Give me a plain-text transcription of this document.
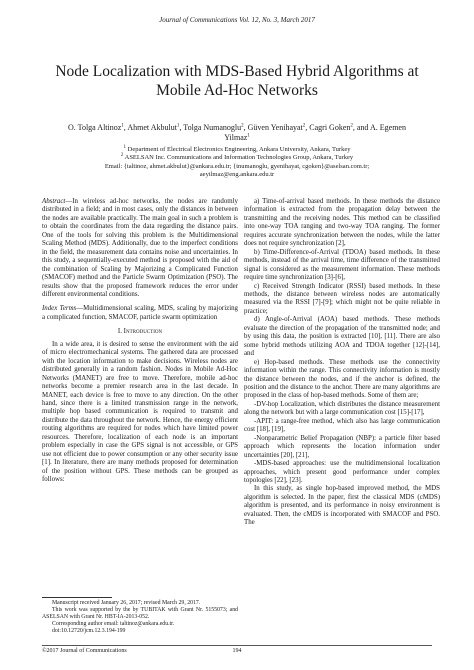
Journal of Communications Vol. 12, No. 3, March 2017
Node Localization with MDS-Based Hybrid Algorithms at Mobile Ad-Hoc Networks
O. Tolga Altinoz$^1$, Ahmet Akbulut$^1$, Tolga Numanoglu$^2$, Güven Yenihayat$^2$, Cagri Goken$^2$, and A. Egemen
Yilmaz$^1$
$^1$ Department of Electrical Electronics Engineering, Ankara University, Ankara, Turkey
$^2$ ASELSAN Inc. Communications and Information Technologies Group, Ankara, Turkey
Email: {taltinoz, ahmet.akbulut}@ankara.edu.tr; {tnumanoglu, gyenihayat, cgoken}@aselsan.com.tr;
aeyilmaz@eng.ankara.edu.tr

Abstract—In wireless ad-hoc networks, the nodes are randomly distributed in a field; and in most cases, only the distances in between the nodes are available practically. The main goal in such a problem is to obtain the coordinates from the data regarding the distance pairs. One of the tools for solving this problem is the Multidimensional Scaling Method (MDS). Additionally, due to the imperfect conditions in the field, the measurement data contains noise and uncertainties. In this study, a sequentially-executed method is proposed with the aid of the combination of Scaling by Majorizing a Complicated Function (SMACOF) method and the Particle Swarm Optimization (PSO). The results show that the proposed framework reduces the error under different environmental conditions.

Index Terms—Multidimensional scaling, MDS, scaling by majorizing a complicated function, SMACOF, particle swarm optimization

I. Introduction

In a wide area, it is desired to sense the environment with the aid of micro electromechanical systems. The gathered data are processed with the location information to make decisions. Wireless nodes are distributed generally in a random fashion. Nodes in Mobile Ad-Hoc Networks (MANET) are free to move. Therefore, mobile ad-hoc networks become a premier research area in the last decade. In MANET, each device is free to move to any direction. On the other hand, since there is a limited transmission range in the network, multiple hop based communication is required to transmit and distribute the data throughout the network. Hence, the energy efficient routing algorithms are required for nodes which have limited power resources. Therefore, localization of each node is an important problem especially in case the GPS signal is not accessible, or GPS use not efficient due to power consumption or any other security issue [1]. In literature, there are many methods proposed for determination of the position without GPS. These methods can be grouped as follows:

Manuscript received January 26, 2017; revised March 29, 2017.

This work was supported by the by TUBITAK with Grant Nr. 5155073; and ASELSAN with Grant Nr. HBT-IA-2013-052.

Corresponding author email: taltinoz@ankara.edu.tr.

doi:10.12720/jcm.12.3.194-199

a) Time-of-arrival based methods. In these methods the distance information is extracted from the propagation delay between the transmitting and the receiving nodes. This method can be classified into one-way TOA ranging and two-way TOA ranging. The former requires accurate synchronization between the nodes, while the latter does not require synchronization [2],

b) Time-Difference-of-Arrival (TDOA) based methods. In these methods, instead of the arrival time, time difference of the transmitted signal is considered as the measurement information. These methods require time synchronization [3]-[6],

c) Received Strength Indicator (RSSI) based methods. In these methods, the distance between wireless nodes are automatically measured via the RSSI [7]-[9]; which might not be quite reliable in practice;

d) Angle-of-Arrival (AOA) based methods. These methods evaluate the direction of the propagation of the transmitted node; and by using this data, the position is extracted [10], [11]. There are also some hybrid methods utilizing AOA and TDOA together [12]-[14], and

e) Hop-based methods. These methods use the connectivity information within the range. This connectivity information is mostly the distance between the nodes, and if the anchor is defined, the position and the distance to the anchor. There are many algorithms are proposed in the class of hop-based methods. Some of them are;

-DV-hop Localization, which distributes the distance measurement along the network but with a large communication cost [15]-[17],

-APIT: a range-free method, which also has large communication cost [18], [19],

-Nonparametric Belief Propagation (NBP): a particle filter based approach which represents the location information under uncertainties [20], [21],

-MDS-based approaches: use the multidimensional localization approaches, which present good performance under complex topologies [22], [23].

In this study, as single hop-based improved method, the MDS algorithm is selected. In the paper, first the classical MDS (cMDS) algorithm is presented, and its performance in noisy environment is evaluated. Then, the cMDS is incorporated with SMACOF and PSO. The

©2017 Journal of Communications	194
